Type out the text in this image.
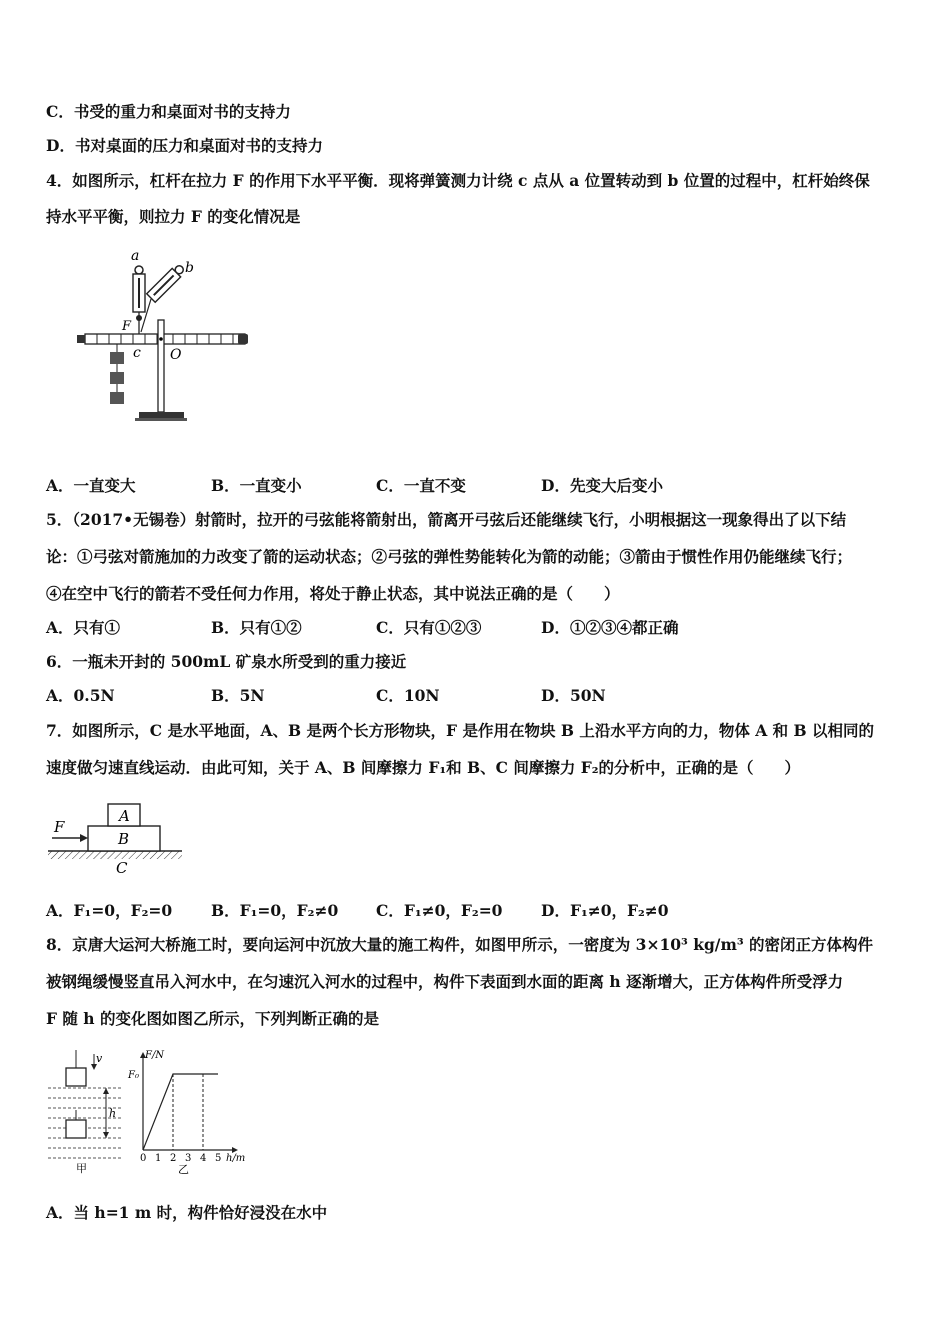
C．书受的重力和桌面对书的支持力
D．书对桌面的压力和桌面对书的支持力
4．如图所示，杠杆在拉力 F 的作用下水平平衡．现将弹簧测力计绕 c 点从 a 位置转动到 b 位置的过程中，杠杆始终保
持水平平衡，则拉力 F 的变化情况是
a
b
F
c O
A．一直变大	B．一直变小	C．一直不变	D．先变大后变小
5．（2017•无锡卷）射箭时，拉开的弓弦能将箭射出，箭离开弓弦后还能继续飞行，小明根据这一现象得出了以下结
论：①弓弦对箭施加的力改变了箭的运动状态；②弓弦的弹性势能转化为箭的动能；③箭由于惯性作用仍能继续飞行；
④在空中飞行的箭若不受任何力作用，将处于静止状态，其中说法正确的是（　　）
A．只有①	B．只有①②	C．只有①②③	D．①②③④都正确
6．一瓶未开封的 500mL 矿泉水所受到的重力接近
A．0.5N	B．5N	C．10N	D．50N
7．如图所示，C 是水平地面，A、B 是两个长方形物块，F 是作用在物块 B 上沿水平方向的力，物体 A 和 B 以相同的
速度做匀速直线运动．由此可知，关于 A、B 间摩擦力 F₁和 B、C 间摩擦力 F₂的分析中，正确的是（　　）
F
A
B
C
A．F₁=0，F₂=0	B．F₁=0，F₂≠0 C．F₁≠0，F₂=0 D．F₁≠0，F₂≠0
8．京唐大运河大桥施工时，要向运河中沉放大量的施工构件，如图甲所示，一密度为 3×10³ kg/m³ 的密闭正方体构件
被钢绳缓慢竖直吊入河水中，在匀速沉入河水的过程中，构件下表面到水面的距离 h 逐渐增大，正方体构件所受浮力
F 随 h 的变化图如图乙所示，下列判断正确的是
v
h
甲
F/N
F₀
0 1 2 3 4 5 h/m
乙
A．当 h=1 m 时，构件恰好浸没在水中
